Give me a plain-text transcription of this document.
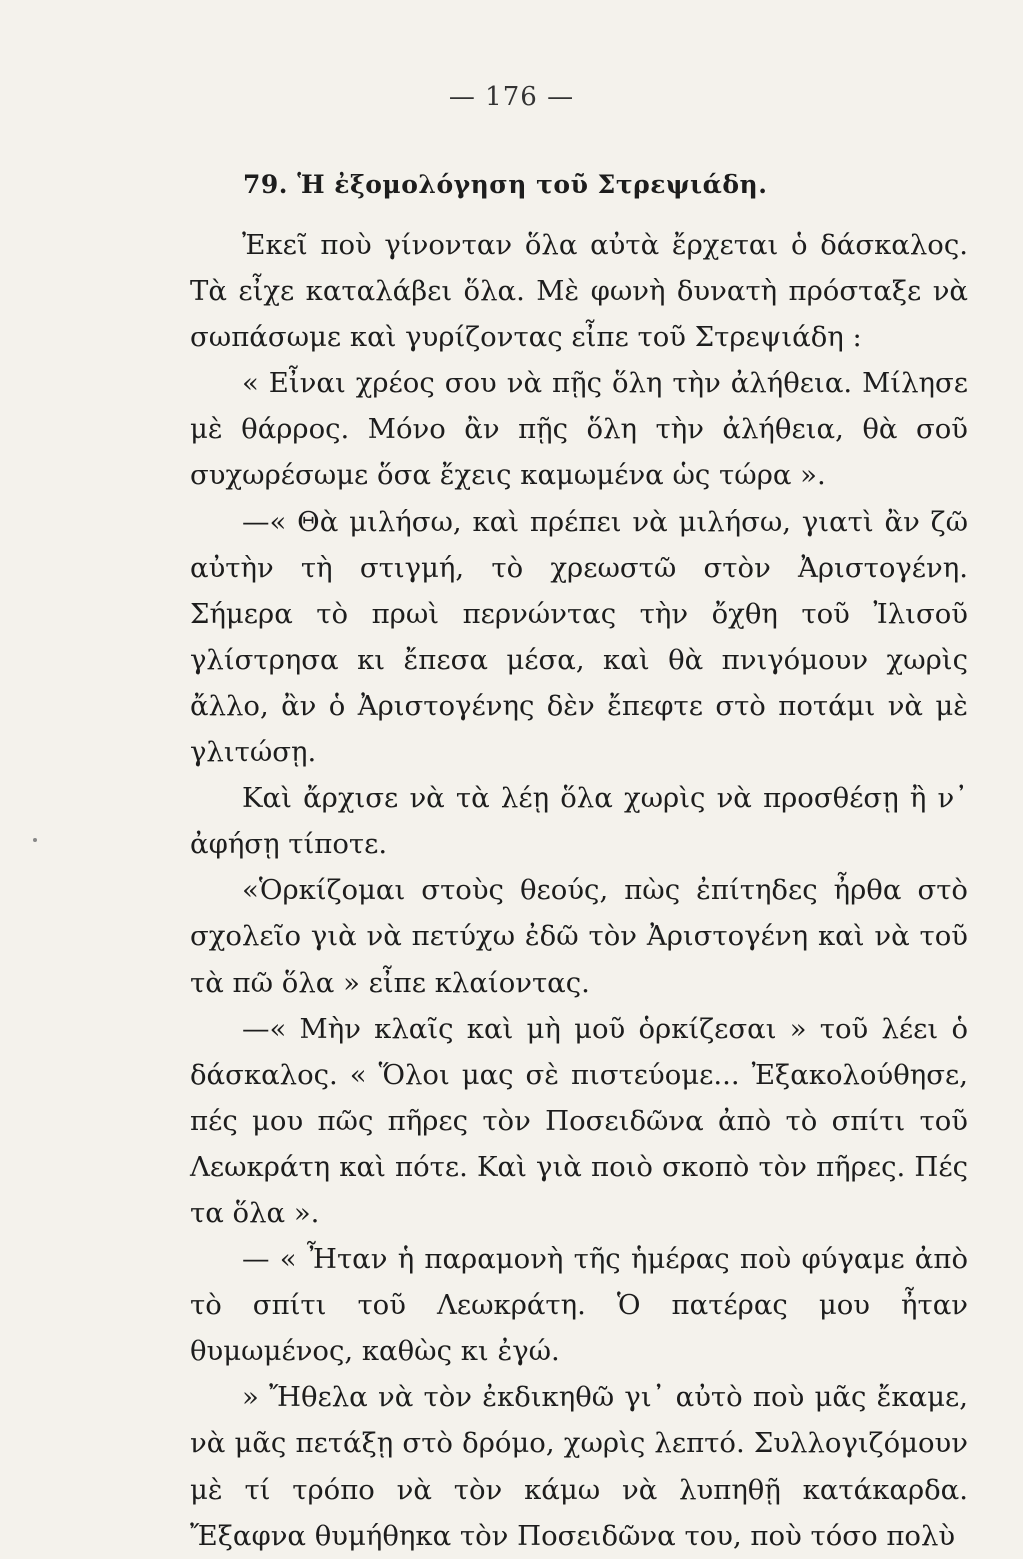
— 176 —
79. Ἡ ἐξομολόγηση τοῦ Στρεψιάδη.

Ἐκεῖ ποὺ γίνονταν ὅλα αὐτὰ ἔρχεται ὁ δάσκαλος. Τὰ εἶχε καταλάβει ὅλα. Μὲ φωνὴ δυνατὴ πρόσταξε νὰ σωπάσωμε καὶ γυρίζοντας εἶπε τοῦ Στρεψιάδη :

« Εἶναι χρέος σου νὰ πῇς ὅλη τὴν ἀλήθεια. Μίλησε μὲ θάρρος. Μόνο ἂν πῇς ὅλη τὴν ἀλήθεια, θὰ σοῦ συχωρέσωμε ὅσα ἔχεις καμωμένα ὡς τώρα ».

—« Θὰ μιλήσω, καὶ πρέπει νὰ μιλήσω, γιατὶ ἂν ζῶ αὐτὴν τὴ στιγμή, τὸ χρεωστῶ στὸν Ἀριστογένη. Σήμερα τὸ πρωὶ περνώντας τὴν ὄχθη τοῦ Ἰλισοῦ γλίστρησα κι ἔπεσα μέσα, καὶ θὰ πνιγόμουν χωρὶς ἄλλο, ἂν ὁ Ἀριστογένης δὲν ἔπεφτε στὸ ποτάμι νὰ μὲ γλιτώσῃ.

Καὶ ἄρχισε νὰ τὰ λέῃ ὅλα χωρὶς νὰ προσθέσῃ ἢ ν᾽ ἀφήσῃ τίποτε.

«Ὁρκίζομαι στοὺς θεούς, πὼς ἐπίτηδες ἦρθα στὸ σχολεῖο γιὰ νὰ πετύχω ἐδῶ τὸν Ἀριστογένη καὶ νὰ τοῦ τὰ πῶ ὅλα » εἶπε κλαίοντας.

—« Μὴν κλαῖς καὶ μὴ μοῦ ὁρκίζεσαι » τοῦ λέει ὁ δάσκαλος. « Ὅλοι μας σὲ πιστεύομε... Ἐξακολούθησε, πές μου πῶς πῆρες τὸν Ποσειδῶνα ἀπὸ τὸ σπίτι τοῦ Λεωκράτη καὶ πότε. Καὶ γιὰ ποιὸ σκοπὸ τὸν πῆρες. Πές τα ὅλα ».

— « Ἦταν ἡ παραμονὴ τῆς ἡμέρας ποὺ φύγαμε ἀπὸ τὸ σπίτι τοῦ Λεωκράτη. Ὁ πατέρας μου ἦταν θυμωμένος, καθὼς κι ἐγώ.

» Ἤθελα νὰ τὸν ἐκδικηθῶ γι᾽ αὐτὸ ποὺ μᾶς ἔκαμε, νὰ μᾶς πετάξῃ στὸ δρόμο, χωρὶς λεπτό. Συλλογιζόμουν μὲ τί τρόπο νὰ τὸν κάμω νὰ λυπηθῇ κατάκαρδα. Ἔξαφνα θυμήθηκα τὸν Ποσειδῶνα του, ποὺ τόσο πολὺ
